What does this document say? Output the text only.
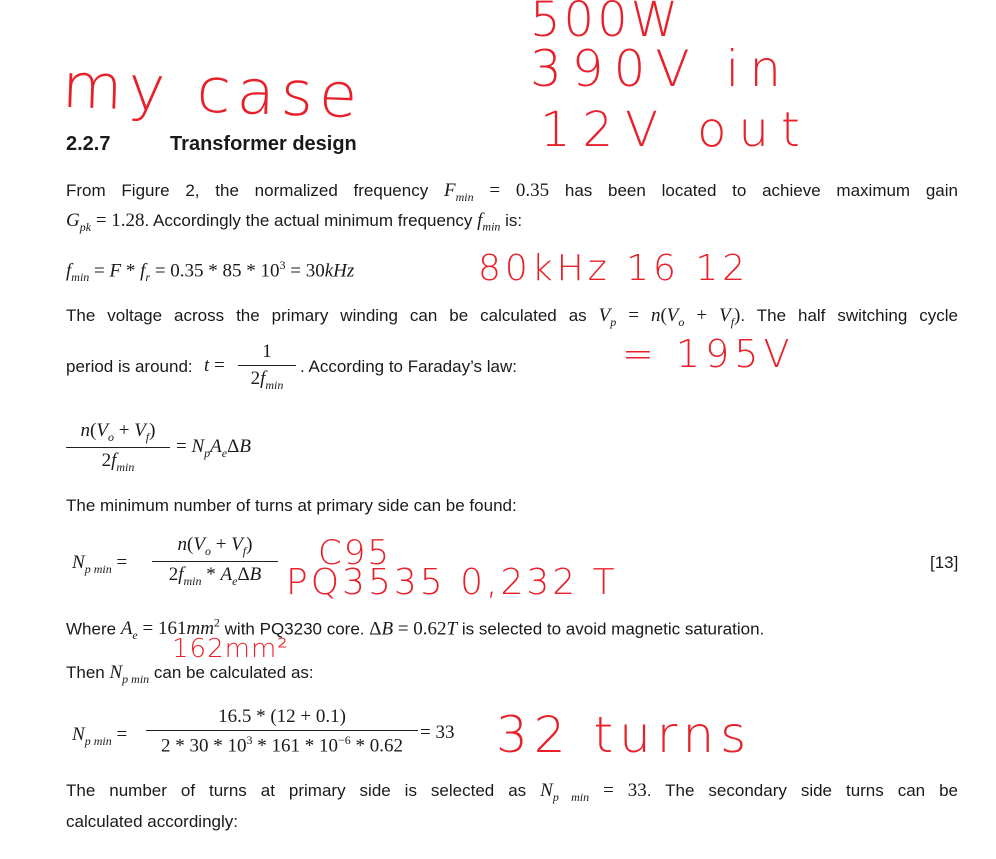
my case
500W
390V in
12V out
2.2.7	Transformer design
From Figure 2, the normalized frequency $F_{min} = 0.35$ has been located to achieve maximum gain
$G_{pk} = 1.28$. Accordingly the actual minimum frequency $f_{min}$ is:
$f_{min} = F * f_r = 0.35 * 85 * 10^3 = 30kHz$	80kHz 16 12
The voltage across the primary winding can be calculated as $V_p = n(V_o + V_f)$. The half switching cycle
= 195V
period is around: t =
1
$2f_{min}$
. According to Faraday’s law:
$n(V_o + V_f)$
$2f_{min}$
= $N_pA_e\Delta B$
The minimum number of turns at primary side can be found:
$N_{p min}$ =
$n(V_o + V_f)$
$2f_{min} * A_e\Delta B$
[13]
C95
PQ3535 0,232 T
Where $A_e = 161mm^2$ with PQ3230 core. ΔB = 0.62T is selected to avoid magnetic saturation.
162mm²
Then $N_{p min}$ can be calculated as:
$N_{p min}$ =
16.5 * (12 + 0.1)
$2 * 30 * 10^3 * 161 * 10^{-6} * 0.62$
= 33 32 turns
The number of turns at primary side is selected as $N_{p min} = 33$. The secondary side turns can be
calculated accordingly:
